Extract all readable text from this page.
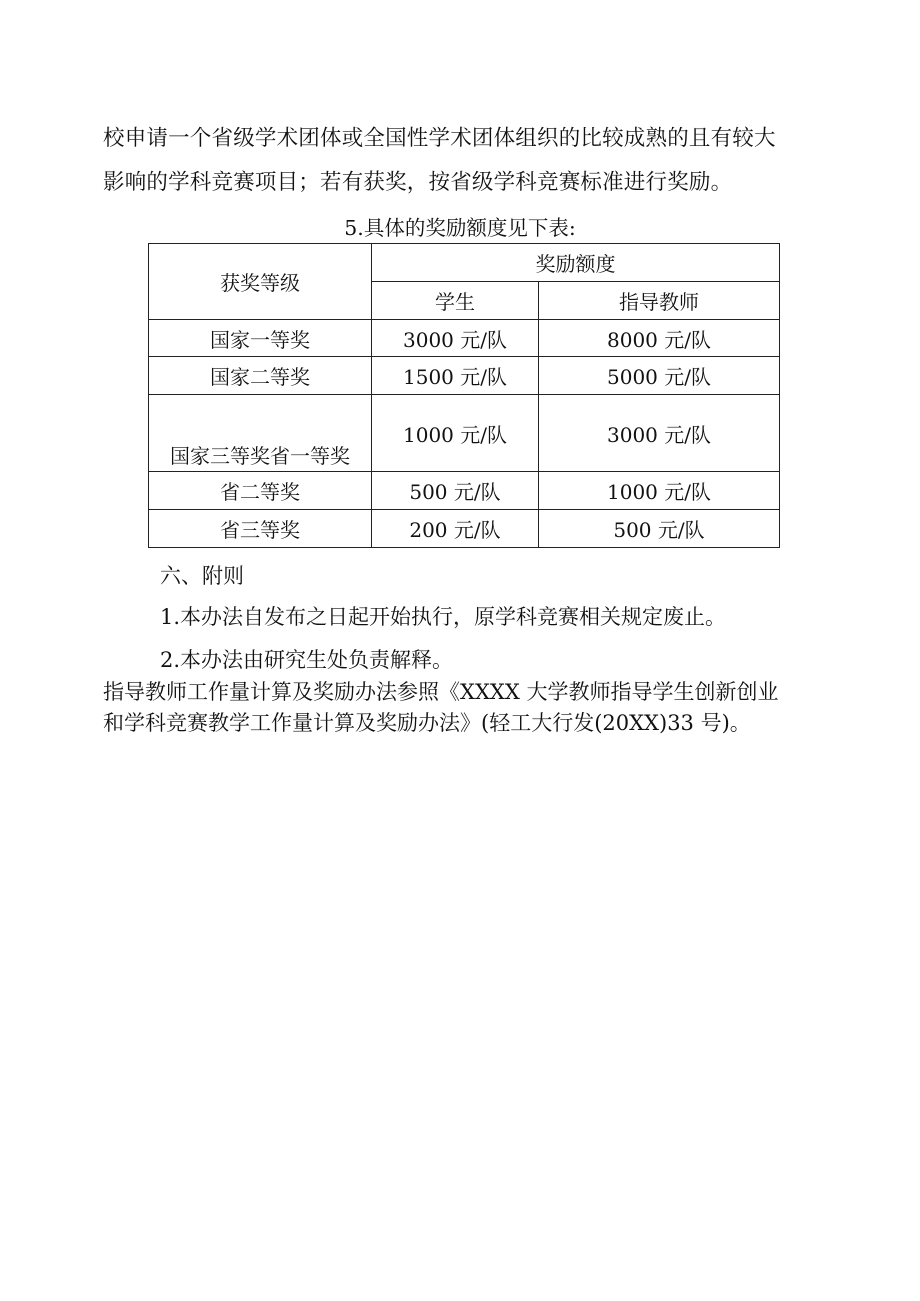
校申请一个省级学术团体或全国性学术团体组织的比较成熟的且有较大
影响的学科竞赛项目；若有获奖，按省级学科竞赛标准进行奖励。
5.具体的奖励额度见下表:
获奖等级	奖励额度	
	学生	指导教师
国家一等奖	3000 元/队	8000 元/队
国家二等奖	1500 元/队	5000 元/队
国家三等奖省一等奖	1000 元/队	3000 元/队
省二等奖	500 元/队	1000 元/队
省三等奖	200 元/队	500 元/队
六、附则
1.本办法自发布之日起开始执行，原学科竞赛相关规定废止。
2.本办法由研究生处负责解释。
指导教师工作量计算及奖励办法参照《XXXX 大学教师指导学生创新创业
和学科竞赛教学工作量计算及奖励办法》(轻工大行发(20XX)33 号)。
